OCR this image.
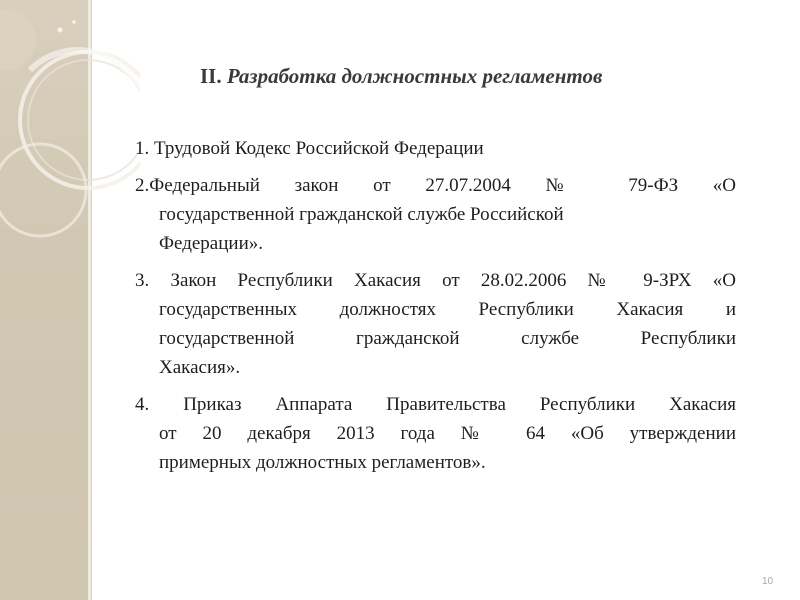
II. Разработка должностных регламентов
1. Трудовой Кодекс Российской Федерации
2.Федеральный закон от 27.07.2004 № 79-ФЗ «О
государственной гражданской службе Российской
Федерации».
3. Закон Республики Хакасия от 28.02.2006 № 9-ЗРХ «О
государственных должностях Республики Хакасия и
государственной гражданской службе Республики
Хакасия».
4. Приказ Аппарата Правительства Республики Хакасия
от 20 декабря 2013 года № 64 «Об утверждении
примерных должностных регламентов».
10
